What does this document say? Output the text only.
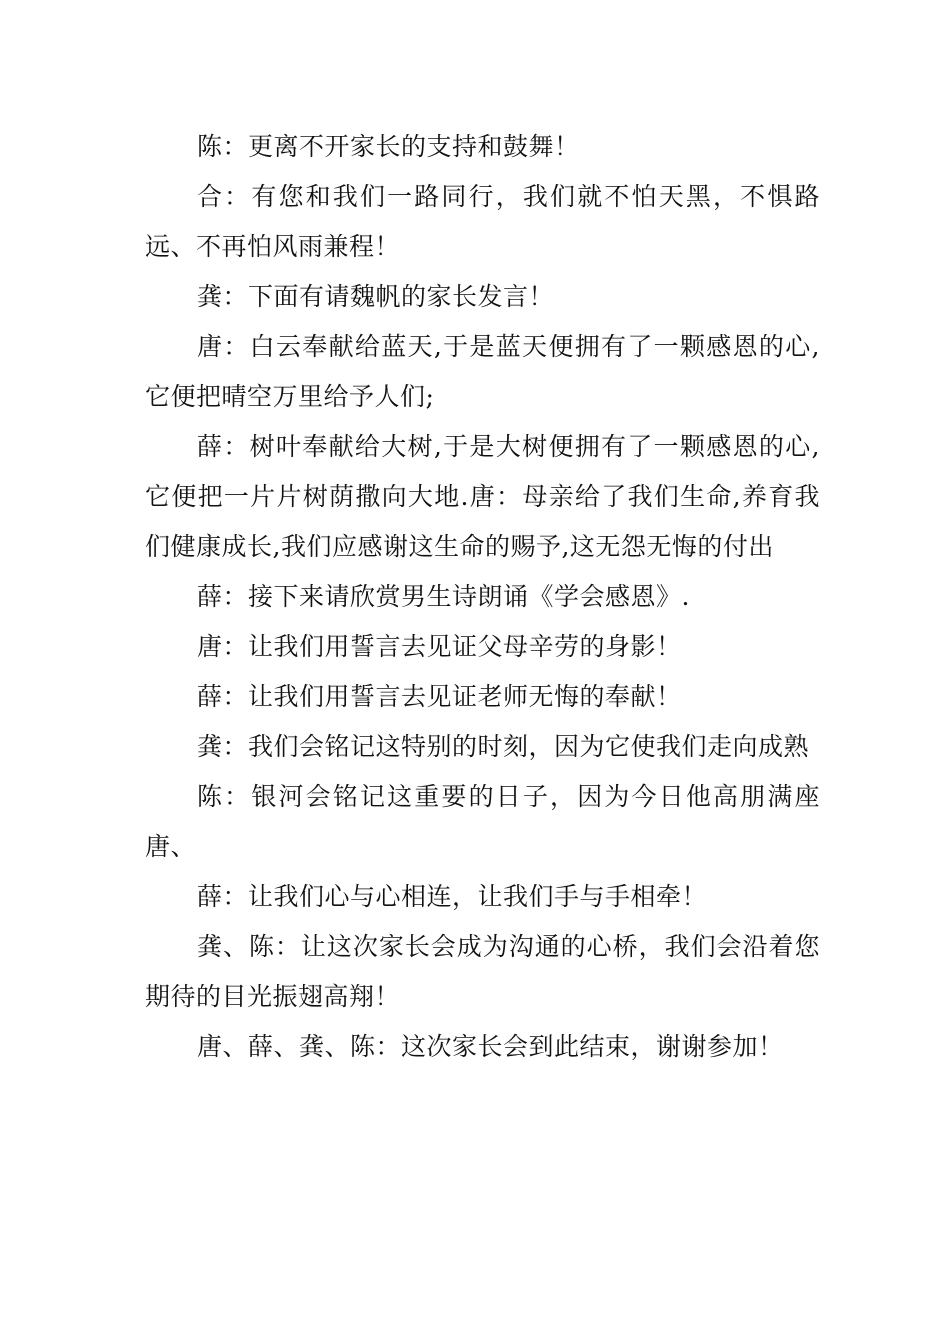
陈：更离不开家长的支持和鼓舞！

合：有您和我们一路同行，我们就不怕天黑，不惧路远、不再怕风雨兼程！

龚：下面有请魏帆的家长发言！

唐：白云奉献给蓝天,于是蓝天便拥有了一颗感恩的心,它便把晴空万里给予人们;

薛：树叶奉献给大树,于是大树便拥有了一颗感恩的心,它便把一片片树荫撒向大地.唐：母亲给了我们生命,养育我们健康成长,我们应感谢这生命的赐予,这无怨无悔的付出

薛：接下来请欣赏男生诗朗诵《学会感恩》.

唐：让我们用誓言去见证父母辛劳的身影！

薛：让我们用誓言去见证老师无悔的奉献！

龚：我们会铭记这特别的时刻，因为它使我们走向成熟

陈：银河会铭记这重要的日子，因为今日他高朋满座唐、

薛：让我们心与心相连，让我们手与手相牵！

龚、陈：让这次家长会成为沟通的心桥，我们会沿着您期待的目光振翅高翔！

唐、薛、龚、陈：这次家长会到此结束，谢谢参加！
